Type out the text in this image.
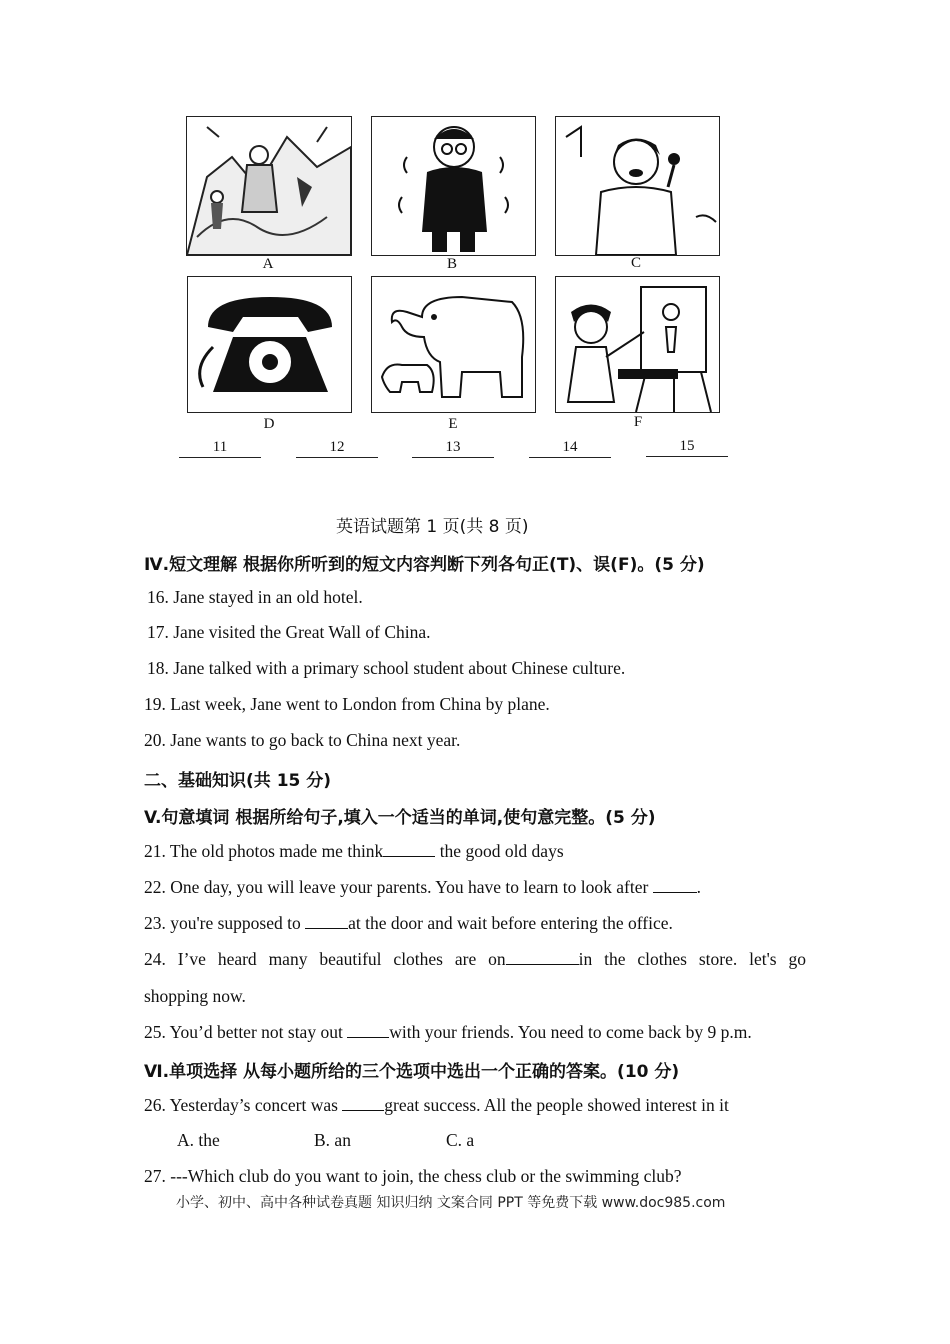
A	B	C
D	E	F
11	12	13	14	15
英语试题第 1 页(共 8 页)
Ⅳ.短文理解 根据你所听到的短文内容判断下列各句正(T)、误(F)。(5 分)
16. Jane stayed in an old hotel.
17. Jane visited the Great Wall of China.
18. Jane talked with a primary school student about Chinese culture.
19. Last week, Jane went to London from China by plane.
20. Jane wants to go back to China next year.
二、基础知识(共 15 分)
V.句意填词 根据所给句子,填入一个适当的单词,使句意完整。(5 分)
21. The old photos made me think	the good old days
22. One day, you will leave your parents. You have to learn to look after	.
23. you're supposed to at the door and wait before entering the office.
24. I’ve heard many beautiful clothes are on	in the clothes store. let's go
shopping now.
25. You’d better not stay out with your friends. You need to come back by 9 p.m.
Ⅵ.单项选择 从每小题所给的三个选项中选出一个正确的答案。(10 分)
26. Yesterday’s concert was great success. All the people showed interest in it
A. the	B. an	C. a
27. ---Which club do you want to join, the chess club or the swimming club?
小学、初中、高中各种试卷真题 知识归纳 文案合同 PPT 等免费下载 www.doc985.com
